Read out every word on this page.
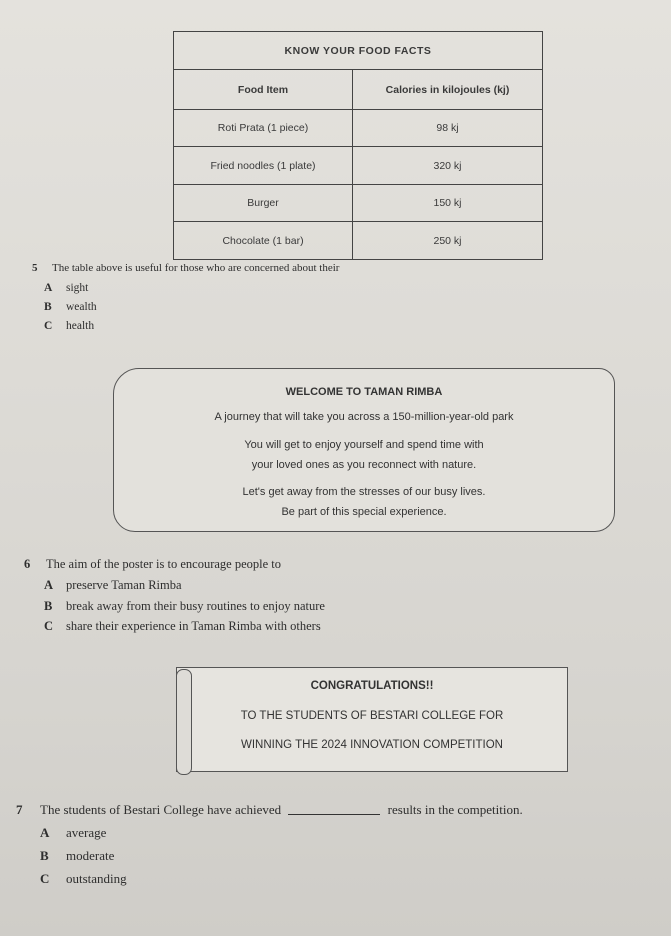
KNOW YOUR FOOD FACTS	
Food Item	Calories in kilojoules (kj)
Roti Prata (1 piece)	98 kj
Fried noodles (1 plate)	320 kj
Burger	150 kj
Chocolate (1 bar)	250 kj
5 The table above is useful for those who are concerned about their
A sight
B wealth
C health
WELCOME TO TAMAN RIMBA
A journey that will take you across a 150-million-year-old park
You will get to enjoy yourself and spend time with
your loved ones as you reconnect with nature.
Let's get away from the stresses of our busy lives.
Be part of this special experience.
6 The aim of the poster is to encourage people to
A preserve Taman Rimba
B break away from their busy routines to enjoy nature
C share their experience in Taman Rimba with others
CONGRATULATIONS!!
TO THE STUDENTS OF BESTARI COLLEGE FOR
WINNING THE 2024 INNOVATION COMPETITION
7 The students of Bestari College have achieved	results in the competition.
A average
B moderate
C outstanding
